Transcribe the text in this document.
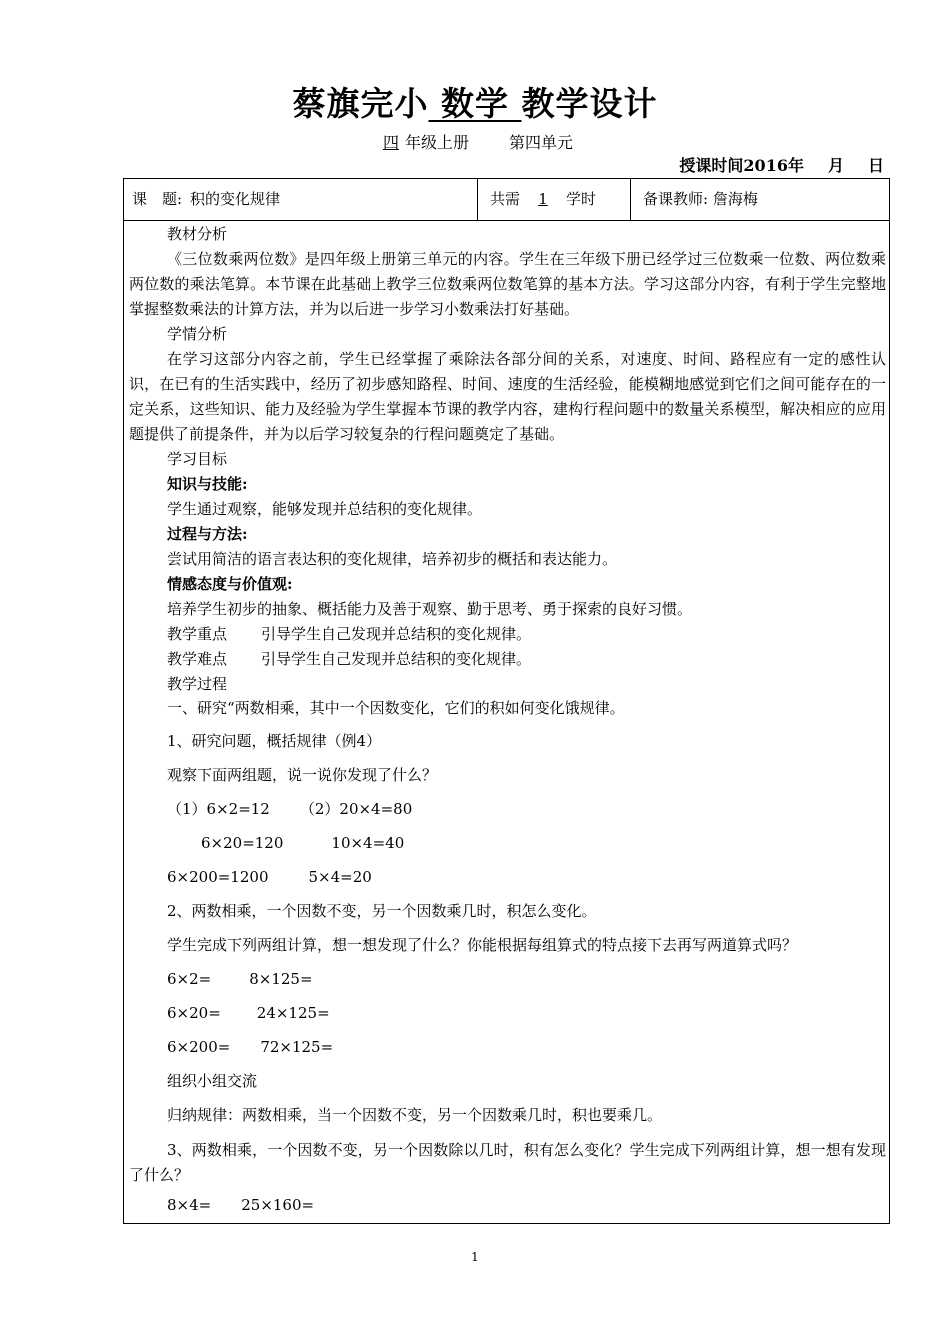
蔡旗完小 数学 教学设计
四 年级上册	第四单元
授课时间2016年 月 日
课　题: 积的变化规律	共需 1 学时	备课教师: 詹海梅
教材分析

《三位数乘两位数》是四年级上册第三单元的内容。学生在三年级下册已经学过三位数乘一位数、两位数乘两位数的乘法笔算。本节课在此基础上教学三位数乘两位数笔算的基本方法。学习这部分内容，有利于学生完整地掌握整数乘法的计算方法，并为以后进一步学习小数乘法打好基础。

学情分析

在学习这部分内容之前，学生已经掌握了乘除法各部分间的关系，对速度、时间、路程应有一定的感性认识，在已有的生活实践中，经历了初步感知路程、时间、速度的生活经验，能模糊地感觉到它们之间可能存在的一定关系，这些知识、能力及经验为学生掌握本节课的教学内容，建构行程问题中的数量关系模型，解决相应的应用题提供了前提条件，并为以后学习较复杂的行程问题奠定了基础。

学习目标
知识与技能:
学生通过观察，能够发现并总结积的变化规律。
过程与方法:
尝试用简洁的语言表达积的变化规律，培养初步的概括和表达能力。
情感态度与价值观:
培养学生初步的抽象、概括能力及善于观察、勤于思考、勇于探索的良好习惯。
教学重点 引导学生自己发现并总结积的变化规律。
教学难点 引导学生自己发现并总结积的变化规律。
教学过程
一、研究“两数相乘，其中一个因数变化，它们的积如何变化饿规律。
1、研究问题，概括规律（例4）
观察下面两组题，说一说你发现了什么？
（1）6×2=12 （2）20×4=80
6×20=120	10×4=40
6×200=1200	5×4=20
2、两数相乘，一个因数不变，另一个因数乘几时，积怎么变化。
学生完成下列两组计算，想一想发现了什么？你能根据每组算式的特点接下去再写两道算式吗？
6×2=	8×125=
6×20= 24×125=
6×200= 72×125=
组织小组交流
归纳规律：两数相乘，当一个因数不变，另一个因数乘几时，积也要乘几。

3、两数相乘，一个因数不变，另一个因数除以几时，积有怎么变化？学生完成下列两组计算，想一想有发现了什么？

8×4= 25×160=
1
